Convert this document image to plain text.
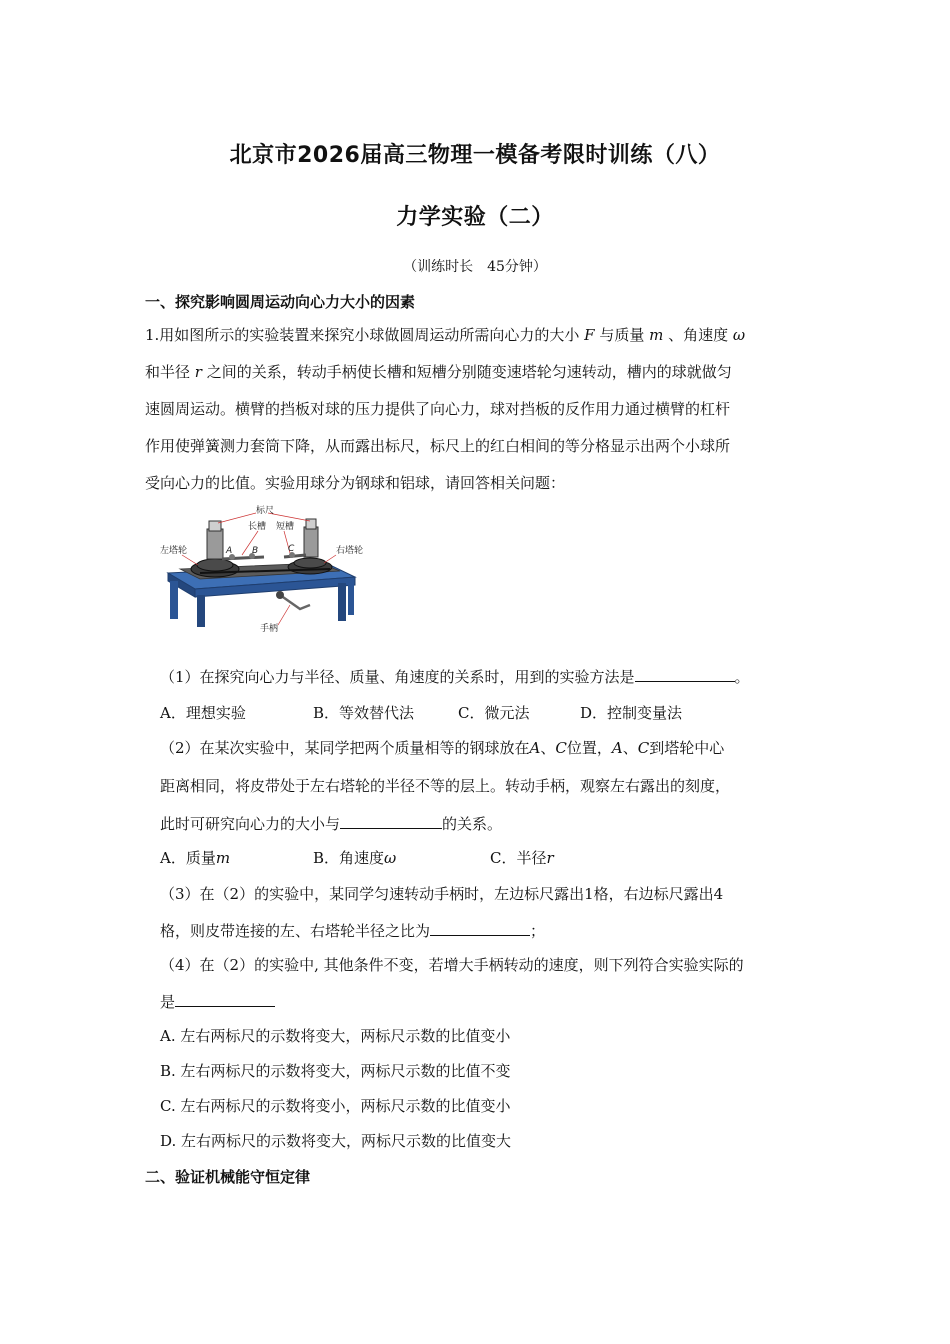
北京市2026届高三物理一模备考限时训练（八）
力学实验（二）
（训练时长　45分钟）
一、探究影响圆周运动向心力大小的因素
1.用如图所示的实验装置来探究小球做圆周运动所需向心力的大小 F 与质量 m 、角速度 ω
和半径 r 之间的关系，转动手柄使长槽和短槽分别随变速塔轮匀速转动，槽内的球就做匀
速圆周运动。横臂的挡板对球的压力提供了向心力，球对挡板的反作用力通过横臂的杠杆
作用使弹簧测力套筒下降，从而露出标尺，标尺上的红白相间的等分格显示出两个小球所
受向心力的比值。实验用球分为钢球和铝球，请回答相关问题：
标尺
长槽 短槽
左塔轮	右塔轮
手柄
A B	C
（1）在探究向心力与半径、质量、角速度的关系时，用到的实验方法是	。
A．理想实验	B．等效替代法	C．微元法	D．控制变量法
（2）在某次实验中，某同学把两个质量相等的钢球放在A、C位置，A、C到塔轮中心
距离相同，将皮带处于左右塔轮的半径不等的层上。转动手柄，观察左右露出的刻度，
此时可研究向心力的大小与	的关系。
A．质量m	B．角速度ω	C．半径r
（3）在（2）的实验中，某同学匀速转动手柄时，左边标尺露出1格，右边标尺露出4
格，则皮带连接的左、右塔轮半径之比为	；
（4）在（2）的实验中, 其他条件不变，若增大手柄转动的速度，则下列符合实验实际的
是
A. 左右两标尺的示数将变大，两标尺示数的比值变小
B. 左右两标尺的示数将变大，两标尺示数的比值不变
C. 左右两标尺的示数将变小，两标尺示数的比值变小
D. 左右两标尺的示数将变大，两标尺示数的比值变大
二、验证机械能守恒定律
